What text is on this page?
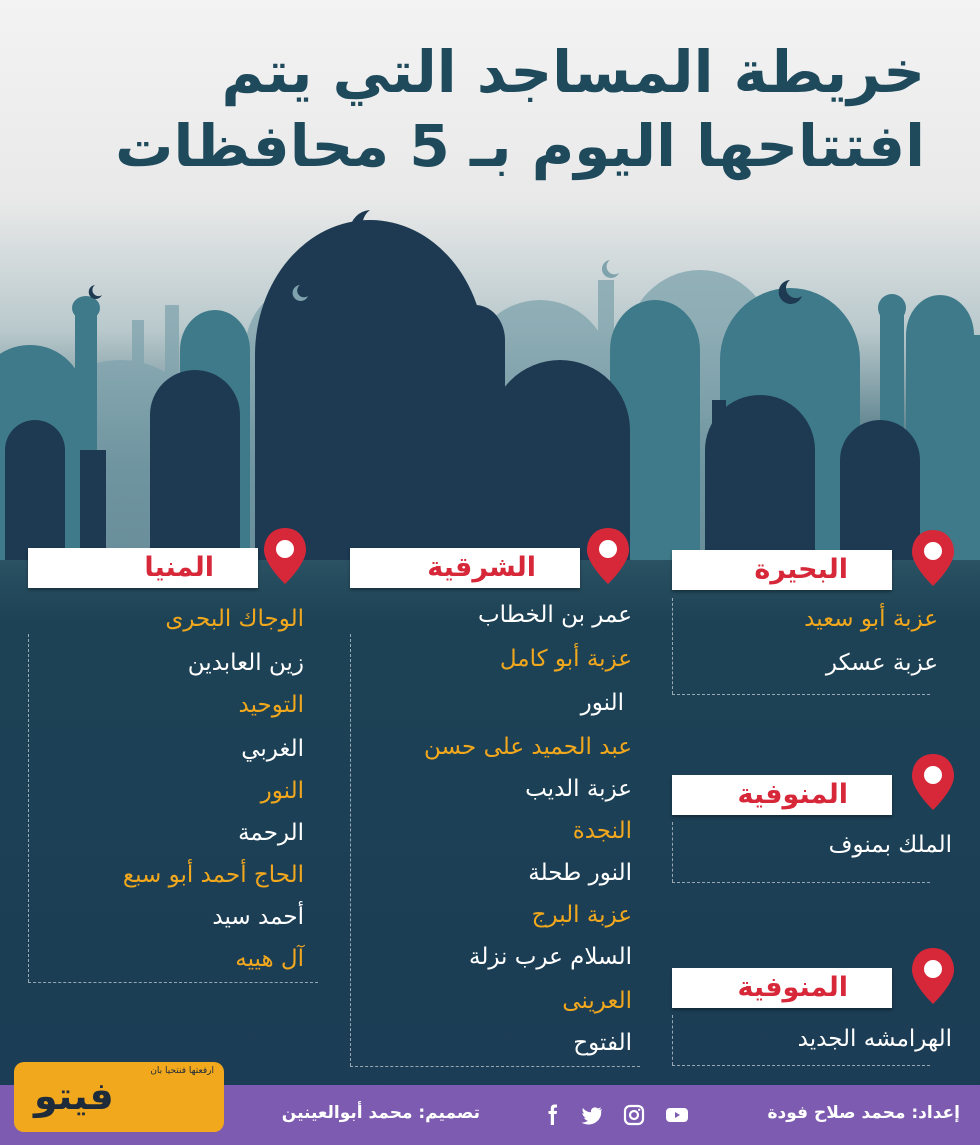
خريطة المساجد التي يتم
افتتاحها اليوم بـ 5 محافظات
البحيرة
عزبة أبو سعيد
عزبة عسكر
المنوفية
الملك بمنوف
المنوفية
الهرامشه الجديد
الشرقية
عمر بن الخطاب
عزبة أبو كامل
النور
عبد الحميد على حسن
عزبة الديب
النجدة
النور طحلة
عزبة البرج
السلام عرب نزلة
العرينى
الفتوح
المنيا
الوجاك البحرى
زين العابدين
التوحيد
الغربي
النور
الرحمة
الحاج أحمد أبو سبع
أحمد سيد
آل هييه
إعداد: محمد صلاح فودة
تصميم: محمد أبوالعينين
فيتو
ارفعتها فنتحيا بان
